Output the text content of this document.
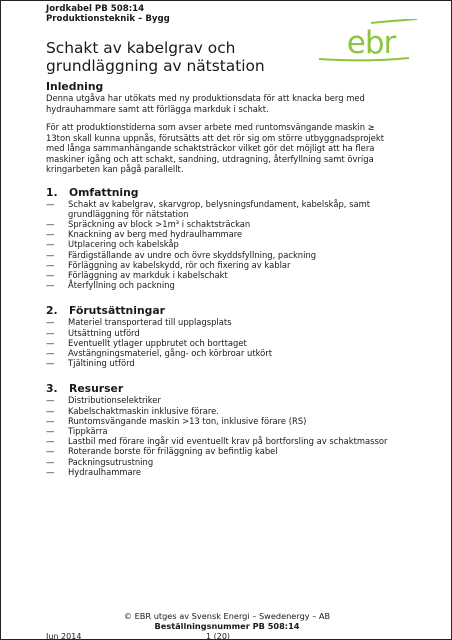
Jordkabel PB 508:14
Produktionsteknik – Bygg
Schakt av kabelgrav och grundläggning av nätstation
ebr
Inledning
Denna utgåva har utökats med ny produktionsdata för att knacka berg med
hydrauhammare samt att förlägga markduk i schakt.
För att produktionstiderna som avser arbete med runtomsvängande maskin ≥
13ton skall kunna uppnås, förutsätts att det rör sig om större utbyggnadsprojekt
med långa sammanhängande schaktsträckor vilket gör det möjligt att ha flera
maskiner igång och att schakt, sandning, utdragning, återfyllning samt övriga
kringarbeten kan pågå parallellt.
1.	Omfattning
—	Schakt av kabelgrav, skarvgrop, belysningsfundament, kabelskåp, samt
grundläggning för nätstation
—	Spräckning av block >1m³ i schaktsträckan
—	Knackning av berg med hydraulhammare
—	Utplacering och kabelskåp
—	Färdigställande av undre och övre skyddsfyllning, packning
—	Förläggning av kabelskydd, rör och fixering av kablar
—	Förläggning av markduk i kabelschakt
—	Återfyllning och packning
2.	Förutsättningar
—	Materiel transporterad till upplagsplats
—	Utsättning utförd
—	Eventuellt ytlager uppbrutet och borttaget
—	Avstängningsmateriel, gång- och körbroar utkört
—	Tjältining utförd
3.	Resurser
—	Distributionselektriker
—	Kabelschaktmaskin inklusive förare.
—	Runtomsvängande maskin >13 ton, inklusive förare (RS)
—	Tippkärra
—	Lastbil med förare ingår vid eventuellt krav på bortforsling av schaktmassor
—	Roterande borste för friläggning av befintlig kabel
—	Packningsutrustning
—	Hydraulhammare
© EBR utges av Svensk Energi – Swedenergy – AB
Beställningsnummer PB 508:14
Jun 2014	1 (20)
